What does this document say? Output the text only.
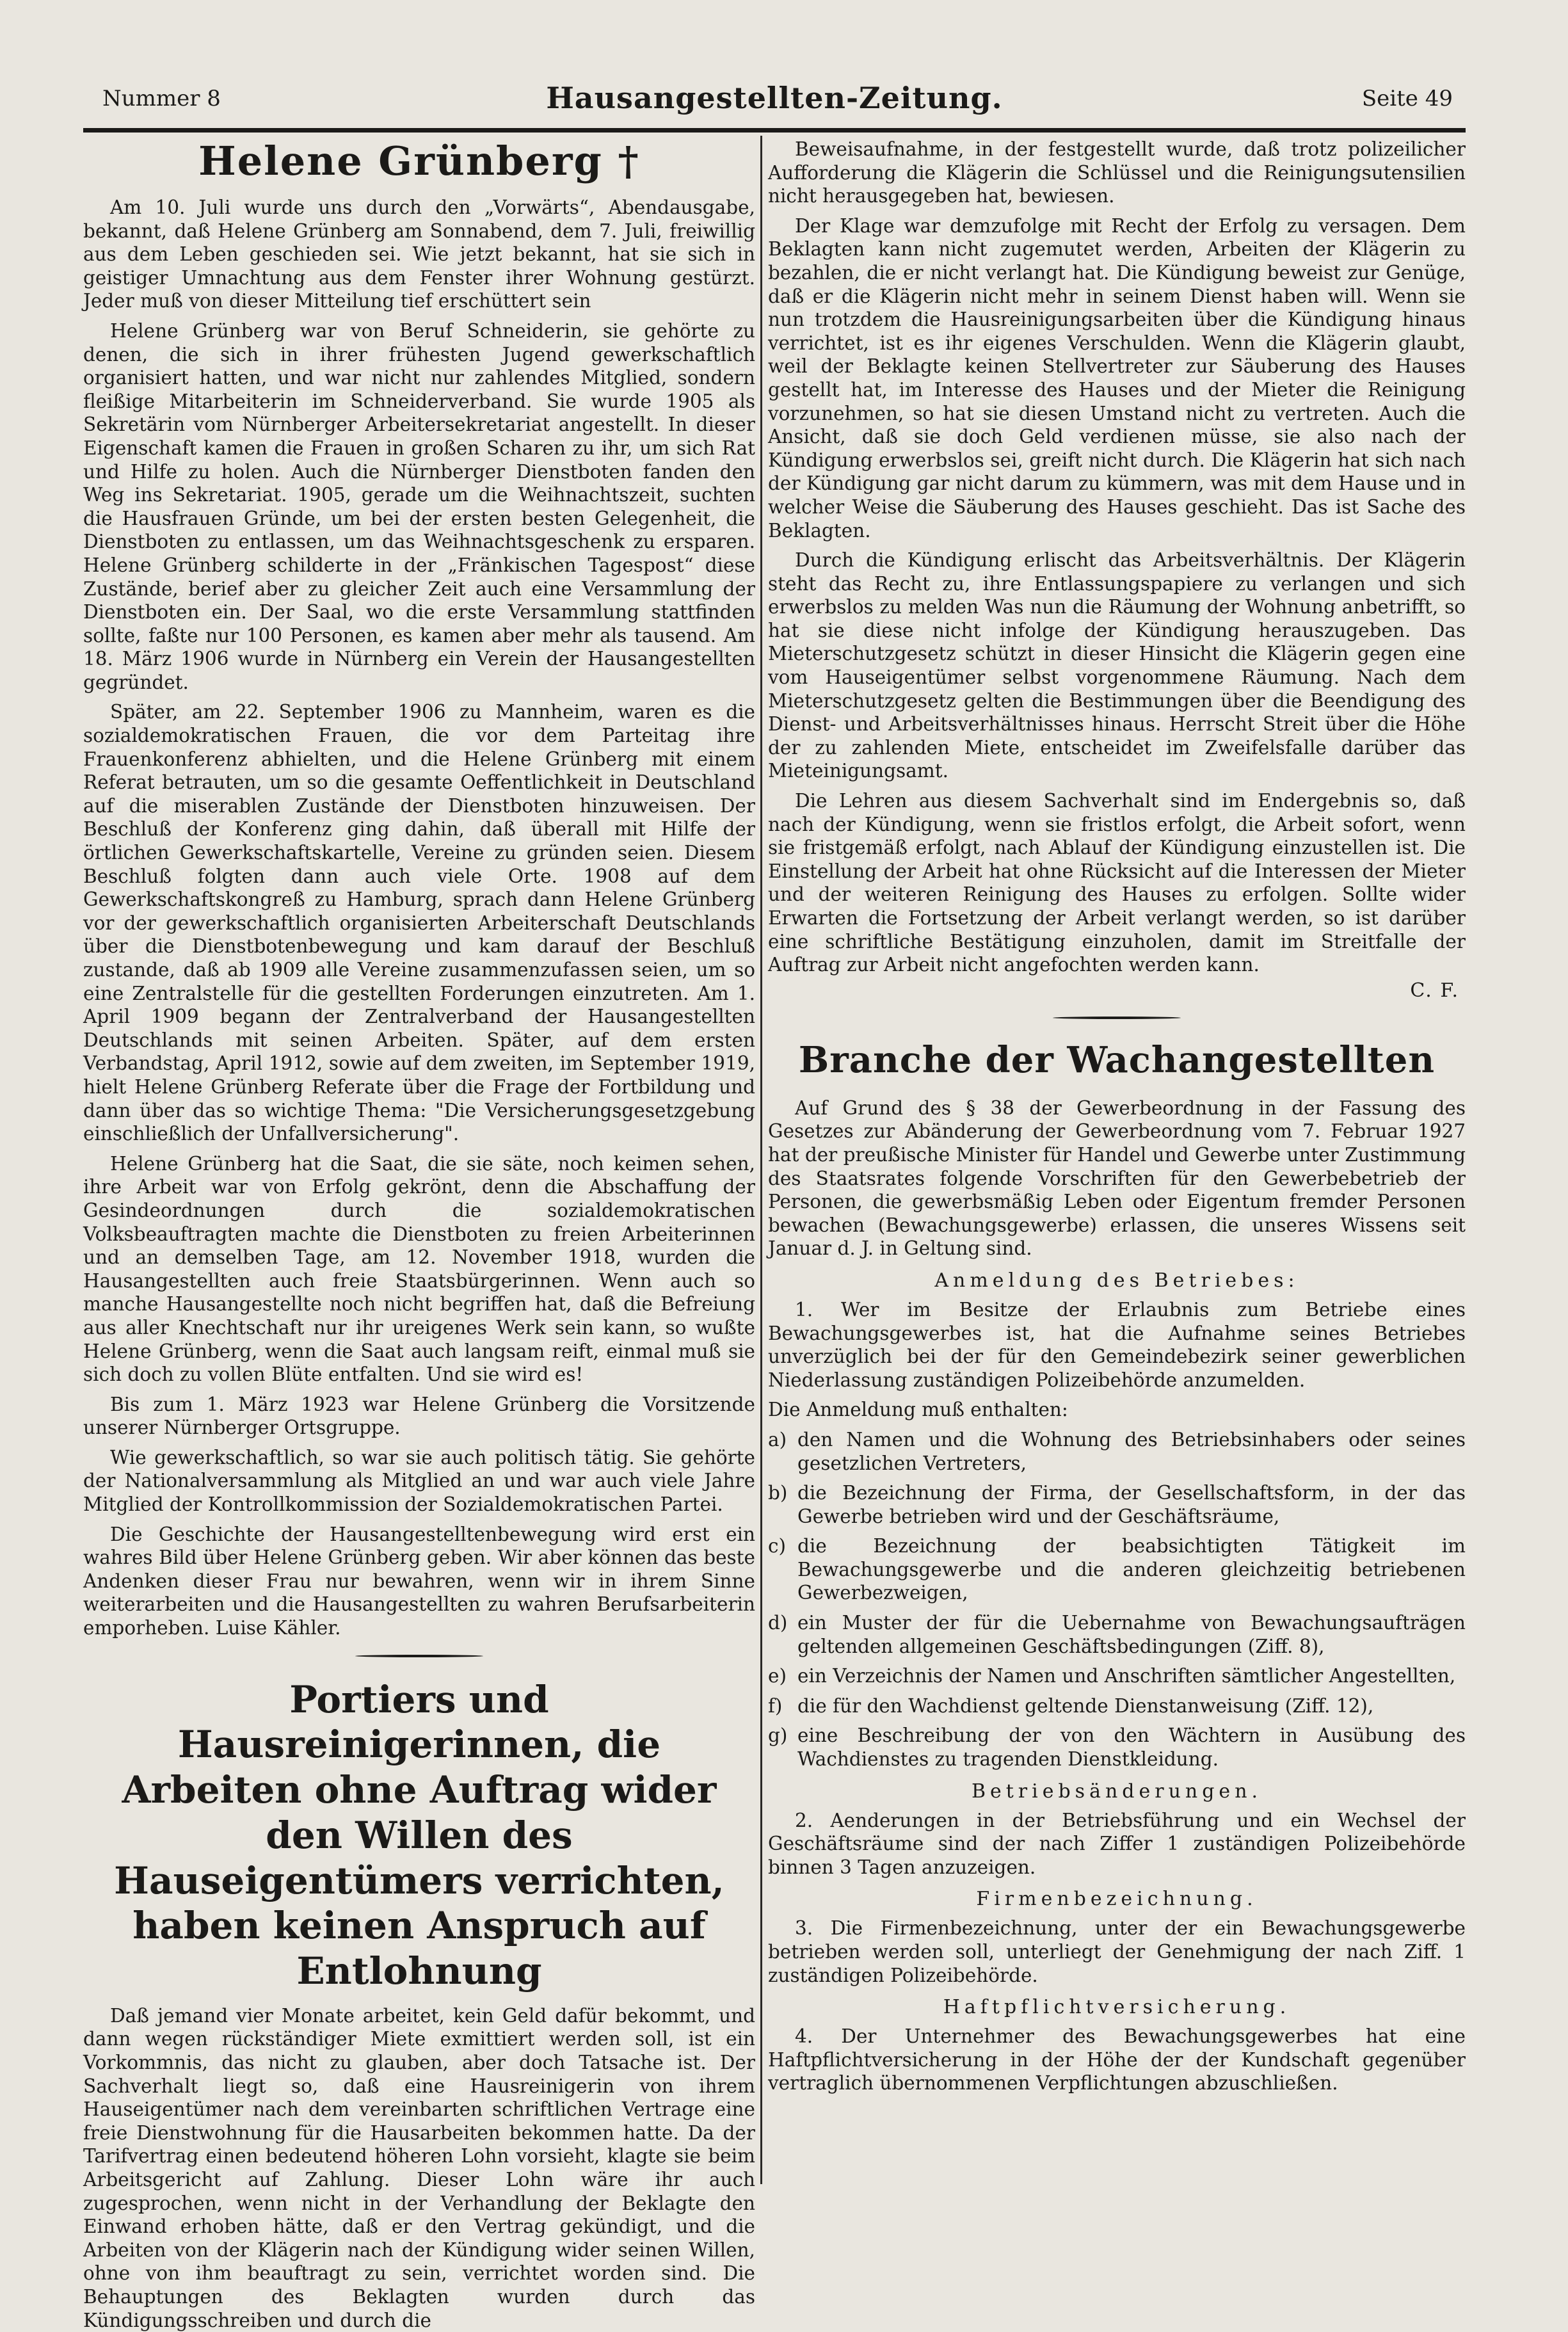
Nummer 8	Hausangestellten-Zeitung.	Seite 49
Helene Grünberg †

Am 10. Juli wurde uns durch den „Vorwärts“, Abendausgabe, bekannt, daß Helene Grünberg am Sonnabend, dem 7. Juli, freiwillig aus dem Leben geschieden sei. Wie jetzt bekannt, hat sie sich in geistiger Umnachtung aus dem Fenster ihrer Wohnung gestürzt. Jeder muß von dieser Mitteilung tief erschüttert sein

Helene Grünberg war von Beruf Schneiderin, sie gehörte zu denen, die sich in ihrer frühesten Jugend gewerkschaftlich organisiert hatten, und war nicht nur zahlendes Mitglied, sondern fleißige Mitarbeiterin im Schneiderverband. Sie wurde 1905 als Sekretärin vom Nürnberger Arbeitersekretariat angestellt. In dieser Eigenschaft kamen die Frauen in großen Scharen zu ihr, um sich Rat und Hilfe zu holen. Auch die Nürnberger Dienstboten fanden den Weg ins Sekretariat. 1905, gerade um die Weihnachtszeit, suchten die Hausfrauen Gründe, um bei der ersten besten Gelegenheit, die Dienstboten zu entlassen, um das Weihnachtsgeschenk zu ersparen. Helene Grünberg schilderte in der „Fränkischen Tagespost“ diese Zustände, berief aber zu gleicher Zeit auch eine Versammlung der Dienstboten ein. Der Saal, wo die erste Versammlung stattfinden sollte, faßte nur 100 Personen, es kamen aber mehr als tausend. Am 18. März 1906 wurde in Nürnberg ein Verein der Hausangestellten gegründet.

Später, am 22. September 1906 zu Mannheim, waren es die sozialdemokratischen Frauen, die vor dem Parteitag ihre Frauenkonferenz abhielten, und die Helene Grünberg mit einem Referat betrauten, um so die gesamte Oeffentlichkeit in Deutschland auf die miserablen Zustände der Dienstboten hinzuweisen. Der Beschluß der Konferenz ging dahin, daß überall mit Hilfe der örtlichen Gewerkschaftskartelle, Vereine zu gründen seien. Diesem Beschluß folgten dann auch viele Orte. 1908 auf dem Gewerkschaftskongreß zu Hamburg, sprach dann Helene Grünberg vor der gewerkschaftlich organisierten Arbeiterschaft Deutschlands über die Dienstbotenbewegung und kam darauf der Beschluß zustande, daß ab 1909 alle Vereine zusammenzufassen seien, um so eine Zentralstelle für die gestellten Forderungen einzutreten. Am 1. April 1909 begann der Zentralverband der Hausangestellten Deutschlands mit seinen Arbeiten. Später, auf dem ersten Verbandstag, April 1912, sowie auf dem zweiten, im September 1919, hielt Helene Grünberg Referate über die Frage der Fortbildung und dann über das so wichtige Thema: "Die Versicherungsgesetzgebung einschließlich der Unfallversicherung".

Helene Grünberg hat die Saat, die sie säte, noch keimen sehen, ihre Arbeit war von Erfolg gekrönt, denn die Abschaffung der Gesindeordnungen durch die sozialdemokratischen Volksbeauftragten machte die Dienstboten zu freien Arbeiterinnen und an demselben Tage, am 12. November 1918, wurden die Hausangestellten auch freie Staatsbürgerinnen. Wenn auch so manche Hausangestellte noch nicht begriffen hat, daß die Befreiung aus aller Knechtschaft nur ihr ureigenes Werk sein kann, so wußte Helene Grünberg, wenn die Saat auch langsam reift, einmal muß sie sich doch zu vollen Blüte entfalten. Und sie wird es!

Bis zum 1. März 1923 war Helene Grünberg die Vorsitzende unserer Nürnberger Ortsgruppe.

Wie gewerkschaftlich, so war sie auch politisch tätig. Sie gehörte der Nationalversammlung als Mitglied an und war auch viele Jahre Mitglied der Kontrollkommission der Sozialdemokratischen Partei.

Die Geschichte der Hausangestelltenbewegung wird erst ein wahres Bild über Helene Grünberg geben. Wir aber können das beste Andenken dieser Frau nur bewahren, wenn wir in ihrem Sinne weiterarbeiten und die Hausangestellten zu wahren Berufsarbeiterin emporheben. Luise Kähler.

Portiers und Hausreinigerinnen, die Arbeiten ohne Auftrag wider den Willen des Hauseigentümers verrichten, haben keinen Anspruch auf Entlohnung

Daß jemand vier Monate arbeitet, kein Geld dafür bekommt, und dann wegen rückständiger Miete exmittiert werden soll, ist ein Vorkommnis, das nicht zu glauben, aber doch Tatsache ist. Der Sachverhalt liegt so, daß eine Hausreinigerin von ihrem Hauseigentümer nach dem vereinbarten schriftlichen Vertrage eine freie Dienstwohnung für die Hausarbeiten bekommen hatte. Da der Tarifvertrag einen bedeutend höheren Lohn vorsieht, klagte sie beim Arbeitsgericht auf Zahlung. Dieser Lohn wäre ihr auch zugesprochen, wenn nicht in der Verhandlung der Beklagte den Einwand erhoben hätte, daß er den Vertrag gekündigt, und die Arbeiten von der Klägerin nach der Kündigung wider seinen Willen, ohne von ihm beauftragt zu sein, verrichtet worden sind. Die Behauptungen des Beklagten wurden durch das Kündigungsschreiben und durch die

Beweisaufnahme, in der festgestellt wurde, daß trotz polizeilicher Aufforderung die Klägerin die Schlüssel und die Reinigungsutensilien nicht herausgegeben hat, bewiesen.

Der Klage war demzufolge mit Recht der Erfolg zu versagen. Dem Beklagten kann nicht zugemutet werden, Arbeiten der Klägerin zu bezahlen, die er nicht verlangt hat. Die Kündigung beweist zur Genüge, daß er die Klägerin nicht mehr in seinem Dienst haben will. Wenn sie nun trotzdem die Hausreinigungsarbeiten über die Kündigung hinaus verrichtet, ist es ihr eigenes Verschulden. Wenn die Klägerin glaubt, weil der Beklagte keinen Stellvertreter zur Säuberung des Hauses gestellt hat, im Interesse des Hauses und der Mieter die Reinigung vorzunehmen, so hat sie diesen Umstand nicht zu vertreten. Auch die Ansicht, daß sie doch Geld verdienen müsse, sie also nach der Kündigung erwerbslos sei, greift nicht durch. Die Klägerin hat sich nach der Kündigung gar nicht darum zu kümmern, was mit dem Hause und in welcher Weise die Säuberung des Hauses geschieht. Das ist Sache des Beklagten.

Durch die Kündigung erlischt das Arbeitsverhältnis. Der Klägerin steht das Recht zu, ihre Entlassungspapiere zu verlangen und sich erwerbslos zu melden Was nun die Räumung der Wohnung anbetrifft, so hat sie diese nicht infolge der Kündigung herauszugeben. Das Mieterschutzgesetz schützt in dieser Hinsicht die Klägerin gegen eine vom Hauseigentümer selbst vorgenommene Räumung. Nach dem Mieterschutzgesetz gelten die Bestimmungen über die Beendigung des Dienst- und Arbeitsverhältnisses hinaus. Herrscht Streit über die Höhe der zu zahlenden Miete, entscheidet im Zweifelsfalle darüber das Mieteinigungsamt.

Die Lehren aus diesem Sachverhalt sind im Endergebnis so, daß nach der Kündigung, wenn sie fristlos erfolgt, die Arbeit sofort, wenn sie fristgemäß erfolgt, nach Ablauf der Kündigung einzustellen ist. Die Einstellung der Arbeit hat ohne Rücksicht auf die Interessen der Mieter und der weiteren Reinigung des Hauses zu erfolgen. Sollte wider Erwarten die Fortsetzung der Arbeit verlangt werden, so ist darüber eine schriftliche Bestätigung einzuholen, damit im Streitfalle der Auftrag zur Arbeit nicht angefochten werden kann.

C. F.
Branche der Wachangestellten

Auf Grund des § 38 der Gewerbeordnung in der Fassung des Gesetzes zur Abänderung der Gewerbeordnung vom 7. Februar 1927 hat der preußische Minister für Handel und Gewerbe unter Zustimmung des Staatsrates folgende Vorschriften für den Gewerbebetrieb der Personen, die gewerbsmäßig Leben oder Eigentum fremder Personen bewachen (Bewachungsgewerbe) erlassen, die unseres Wissens seit Januar d. J. in Geltung sind.

Anmeldung des Betriebes:

1. Wer im Besitze der Erlaubnis zum Betriebe eines Bewachungsgewerbes ist, hat die Aufnahme seines Betriebes unverzüglich bei der für den Gemeindebezirk seiner gewerblichen Niederlassung zuständigen Polizeibehörde anzumelden.

Die Anmeldung muß enthalten:

a) den Namen und die Wohnung des Betriebsinhabers oder seines gesetzlichen Vertreters,
b) die Bezeichnung der Firma, der Gesellschaftsform, in der das Gewerbe betrieben wird und der Geschäftsräume,
c) die Bezeichnung der beabsichtigten Tätigkeit im Bewachungsgewerbe und die anderen gleichzeitig betriebenen Gewerbezweigen,
d) ein Muster der für die Uebernahme von Bewachungsaufträgen geltenden allgemeinen Geschäftsbedingungen (Ziff. 8),
e) ein Verzeichnis der Namen und Anschriften sämtlicher Angestellten,
f) die für den Wachdienst geltende Dienstanweisung (Ziff. 12),
g) eine Beschreibung der von den Wächtern in Ausübung des Wachdienstes zu tragenden Dienstkleidung.
Betriebsänderungen.

2. Aenderungen in der Betriebsführung und ein Wechsel der Geschäftsräume sind der nach Ziffer 1 zuständigen Polizeibehörde binnen 3 Tagen anzuzeigen.

Firmenbezeichnung.

3. Die Firmenbezeichnung, unter der ein Bewachungsgewerbe betrieben werden soll, unterliegt der Genehmigung der nach Ziff. 1 zuständigen Polizeibehörde.

Haftpflichtversicherung.

4. Der Unternehmer des Bewachungsgewerbes hat eine Haftpflichtversicherung in der Höhe der der Kundschaft gegenüber vertraglich übernommenen Verpflichtungen abzuschließen.
